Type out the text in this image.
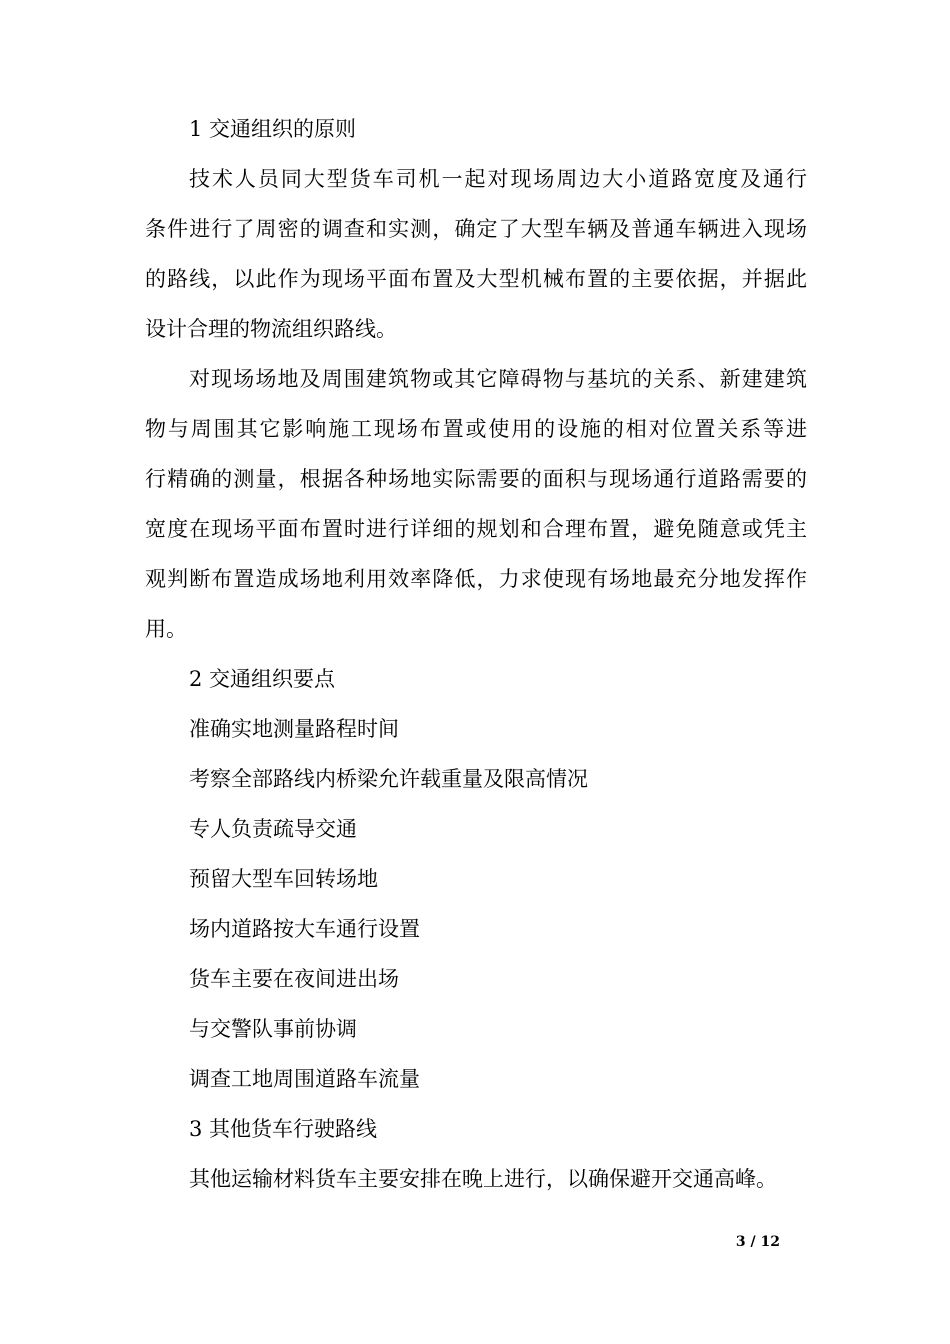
1 交通组织的原则

技术人员同大型货车司机一起对现场周边大小道路宽度及通行

条件进行了周密的调查和实测，确定了大型车辆及普通车辆进入现场

的路线，以此作为现场平面布置及大型机械布置的主要依据，并据此

设计合理的物流组织路线。

对现场场地及周围建筑物或其它障碍物与基坑的关系、新建建筑

物与周围其它影响施工现场布置或使用的设施的相对位置关系等进

行精确的测量，根据各种场地实际需要的面积与现场通行道路需要的

宽度在现场平面布置时进行详细的规划和合理布置，避免随意或凭主

观判断布置造成场地利用效率降低，力求使现有场地最充分地发挥作

用。

2 交通组织要点

准确实地测量路程时间

考察全部路线内桥梁允许载重量及限高情况

专人负责疏导交通

预留大型车回转场地

场内道路按大车通行设置

货车主要在夜间进出场

与交警队事前协调

调查工地周围道路车流量

3 其他货车行驶路线

其他运输材料货车主要安排在晚上进行，以确保避开交通高峰。

3 / 12
